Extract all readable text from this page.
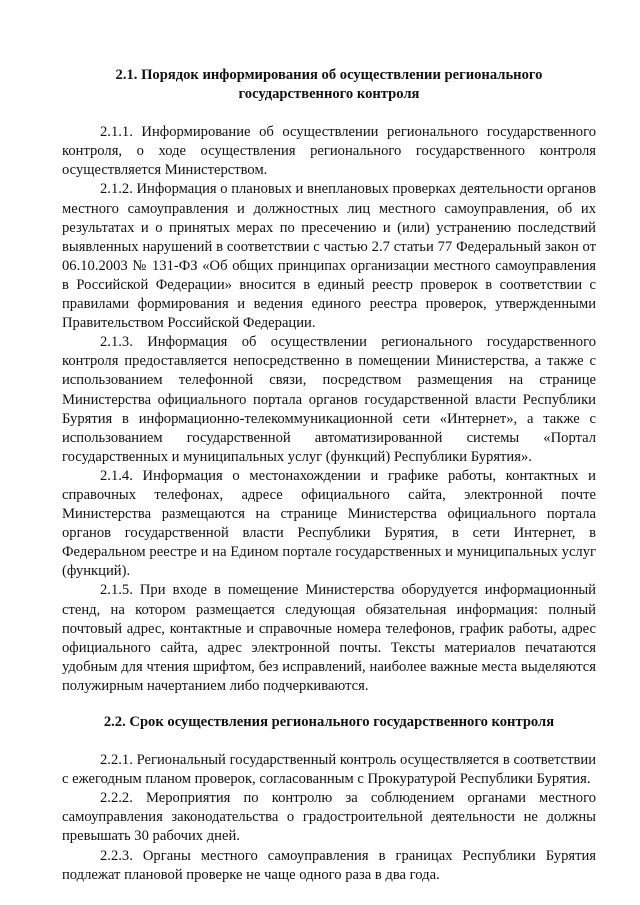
2.1. Порядок информирования об осуществлении регионального
государственного контроля

2.1.1. Информирование об осуществлении регионального государственного контроля, о ходе осуществления регионального государственного контроля осуществляется Министерством.

2.1.2. Информация о плановых и внеплановых проверках деятельности органов местного самоуправления и должностных лиц местного самоуправления, об их результатах и о принятых мерах по пресечению и (или) устранению последствий выявленных нарушений в соответствии с частью 2.7 статьи 77 Федеральный закон от 06.10.2003 № 131-ФЗ «Об общих принципах организации местного самоуправления в Российской Федерации» вносится в единый реестр проверок в соответствии с правилами формирования и ведения единого реестра проверок, утвержденными Правительством Российской Федерации.

2.1.3. Информация об осуществлении регионального государственного контроля предоставляется непосредственно в помещении Министерства, а также с использованием телефонной связи, посредством размещения на странице Министерства официального портала органов государственной власти Республики Бурятия в информационно-телекоммуникационной сети «Интернет», а также с использованием государственной автоматизированной системы «Портал государственных и муниципальных услуг (функций) Республики Бурятия».

2.1.4. Информация о местонахождении и графике работы, контактных и справочных телефонах, адресе официального сайта, электронной почте Министерства размещаются на странице Министерства официального портала органов государственной власти Республики Бурятия, в сети Интернет, в Федеральном реестре и на Едином портале государственных и муниципальных услуг (функций).

2.1.5. При входе в помещение Министерства оборудуется информационный стенд, на котором размещается следующая обязательная информация: полный почтовый адрес, контактные и справочные номера телефонов, график работы, адрес официального сайта, адрес электронной почты. Тексты материалов печатаются удобным для чтения шрифтом, без исправлений, наиболее важные места выделяются полужирным начертанием либо подчеркиваются.

2.2. Срок осуществления регионального государственного контроля

2.2.1. Региональный государственный контроль осуществляется в соответствии с ежегодным планом проверок, согласованным с Прокуратурой Республики Бурятия.

2.2.2. Мероприятия по контролю за соблюдением органами местного самоуправления законодательства о градостроительной деятельности не должны превышать 30 рабочих дней.

2.2.3. Органы местного самоуправления в границах Республики Бурятия подлежат плановой проверке не чаще одного раза в два года.
